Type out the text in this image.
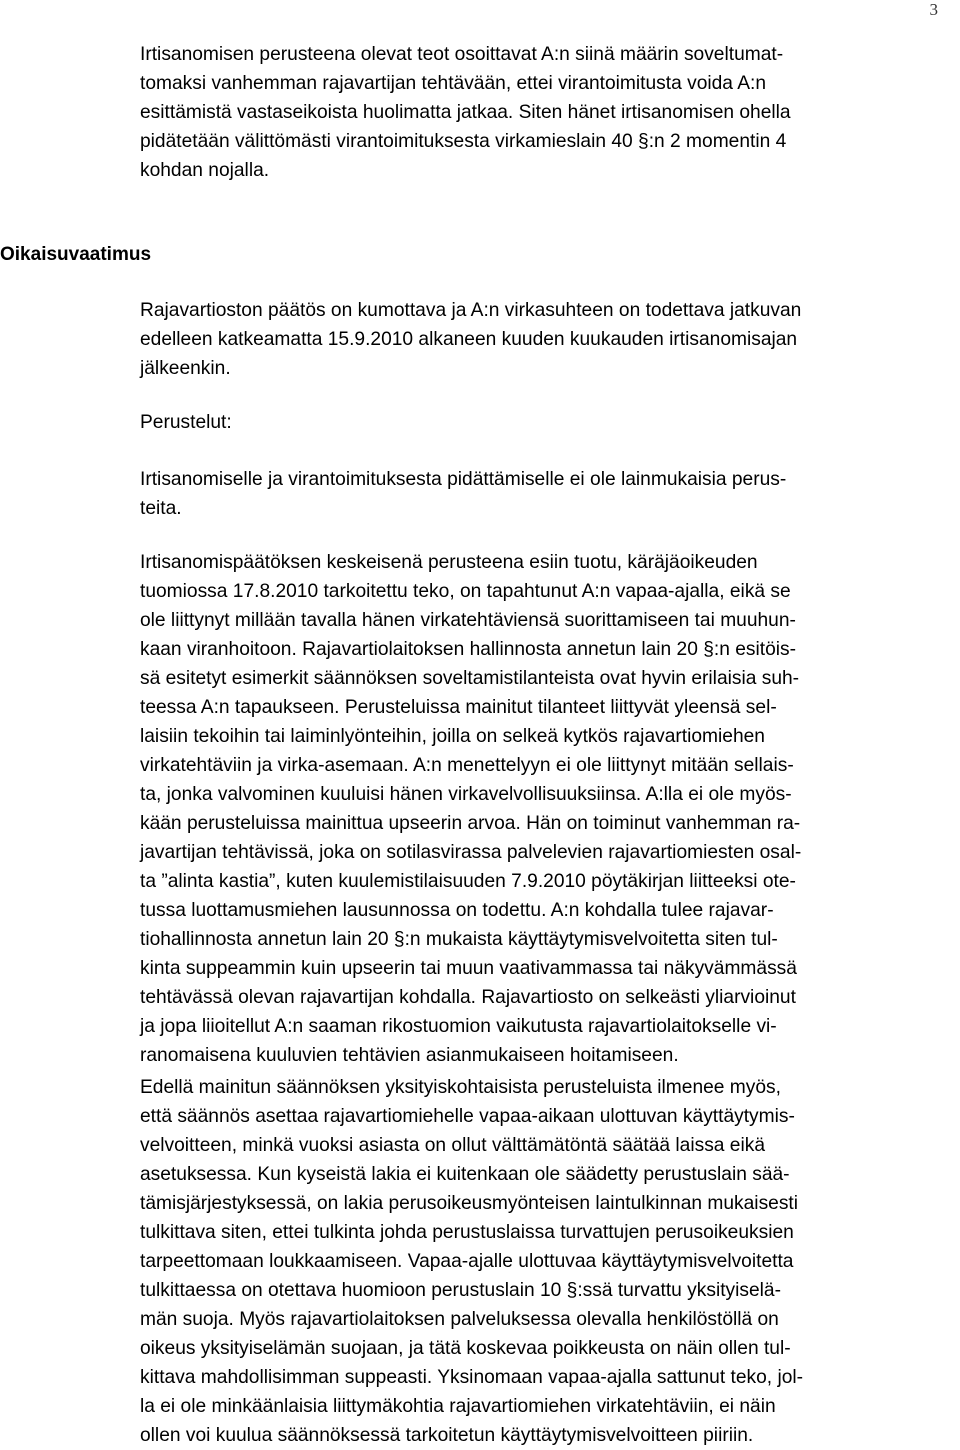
3
Irtisanomisen perusteena olevat teot osoittavat A:n siinä määrin soveltumat-
tomaksi vanhemman rajavartijan tehtävään, ettei virantoimitusta voida A:n
esittämistä vastaseikoista huolimatta jatkaa. Siten hänet irtisanomisen ohella
pidätetään välittömästi virantoimituksesta virkamieslain 40 §:n 2 momentin 4
kohdan nojalla.
Oikaisuvaatimus
Rajavartioston päätös on kumottava ja A:n virkasuhteen on todettava jatkuvan
edelleen katkeamatta 15.9.2010 alkaneen kuuden kuukauden irtisanomisajan
jälkeenkin.
Perustelut:
Irtisanomiselle ja virantoimituksesta pidättämiselle ei ole lainmukaisia perus-
teita.
Irtisanomispäätöksen keskeisenä perusteena esiin tuotu, käräjäoikeuden
tuomiossa 17.8.2010 tarkoitettu teko, on tapahtunut A:n vapaa-ajalla, eikä se
ole liittynyt millään tavalla hänen virkatehtäviensä suorittamiseen tai muuhun-
kaan viranhoitoon. Rajavartiolaitoksen hallinnosta annetun lain 20 §:n esitöis-
sä esitetyt esimerkit säännöksen soveltamistilanteista ovat hyvin erilaisia suh-
teessa A:n tapaukseen. Perusteluissa mainitut tilanteet liittyvät yleensä sel-
laisiin tekoihin tai laiminlyönteihin, joilla on selkeä kytkös rajavartiomiehen
virkatehtäviin ja virka-asemaan. A:n menettelyyn ei ole liittynyt mitään sellais-
ta, jonka valvominen kuuluisi hänen virkavelvollisuuksiinsa. A:lla ei ole myös-
kään perusteluissa mainittua upseerin arvoa. Hän on toiminut vanhemman ra-
javartijan tehtävissä, joka on sotilasvirassa palvelevien rajavartiomiesten osal-
ta ”alinta kastia”, kuten kuulemistilaisuuden 7.9.2010 pöytäkirjan liitteeksi ote-
tussa luottamusmiehen lausunnossa on todettu. A:n kohdalla tulee rajavar-
tiohallinnosta annetun lain 20 §:n mukaista käyttäytymisvelvoitetta siten tul-
kinta suppeammin kuin upseerin tai muun vaativammassa tai näkyvämmässä
tehtävässä olevan rajavartijan kohdalla. Rajavartiosto on selkeästi yliarvioinut
ja jopa liioitellut A:n saaman rikostuomion vaikutusta rajavartiolaitokselle vi-
ranomaisena kuuluvien tehtävien asianmukaiseen hoitamiseen.
Edellä mainitun säännöksen yksityiskohtaisista perusteluista ilmenee myös,
että säännös asettaa rajavartiomiehelle vapaa-aikaan ulottuvan käyttäytymis-
velvoitteen, minkä vuoksi asiasta on ollut välttämätöntä säätää laissa eikä
asetuksessa. Kun kyseistä lakia ei kuitenkaan ole säädetty perustuslain sää-
tämisjärjestyksessä, on lakia perusoikeusmyönteisen laintulkinnan mukaisesti
tulkittava siten, ettei tulkinta johda perustuslaissa turvattujen perusoikeuksien
tarpeettomaan loukkaamiseen. Vapaa-ajalle ulottuvaa käyttäytymisvelvoitetta
tulkittaessa on otettava huomioon perustuslain 10 §:ssä turvattu yksityiselä-
män suoja. Myös rajavartiolaitoksen palveluksessa olevalla henkilöstöllä on
oikeus yksityiselämän suojaan, ja tätä koskevaa poikkeusta on näin ollen tul-
kittava mahdollisimman suppeasti. Yksinomaan vapaa-ajalla sattunut teko, jol-
la ei ole minkäänlaisia liittymäkohtia rajavartiomiehen virkatehtäviin, ei näin
ollen voi kuulua säännöksessä tarkoitetun käyttäytymisvelvoitteen piiriin.
